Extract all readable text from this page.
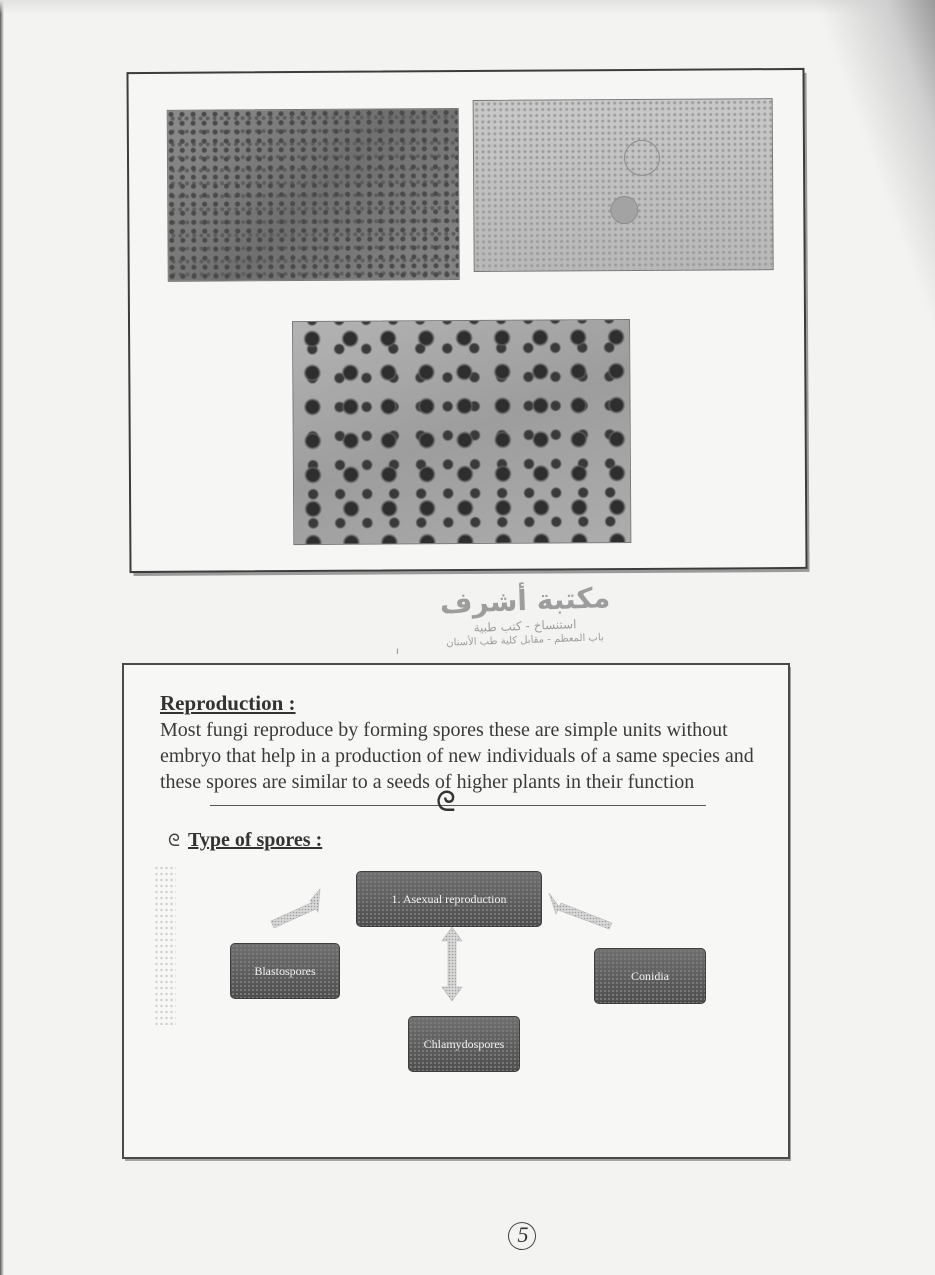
مكتبة أشرف
استنساخ - كتب طبية
باب المعظم - مقابل كلية طب الأسنان
ı
Reproduction :

Most fungi reproduce by forming spores these are simple units without embryo that help in a production of new individuals of a same species and these spores are similar to a seeds of higher plants in their function

ᘓ
ᘓ Type of spores :
1. Asexual reproduction
Blastospores	Conidia
Chlamydospores
5
